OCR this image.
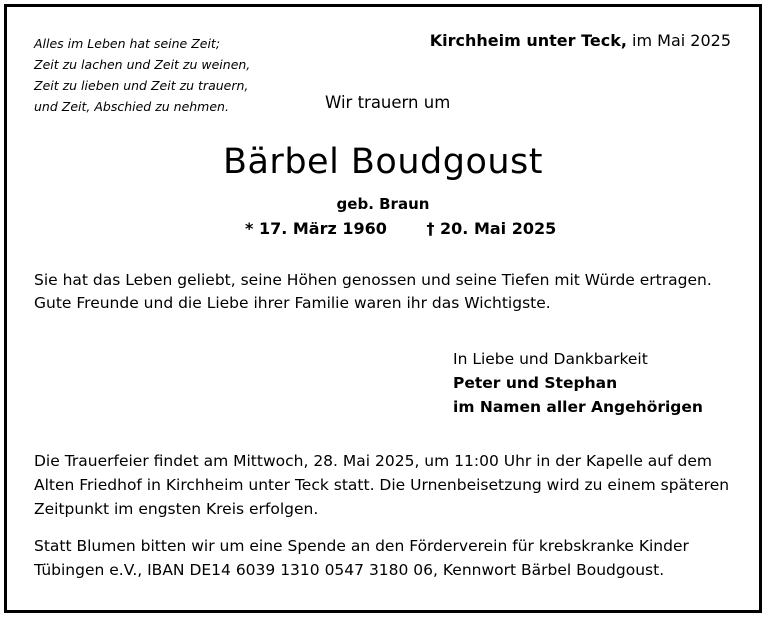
Alles im Leben hat seine Zeit;
Zeit zu lachen und Zeit zu weinen,
Zeit zu lieben und Zeit zu trauern,
und Zeit, Abschied zu nehmen.
Kirchheim unter Teck, im Mai 2025
Wir trauern um
Bärbel Boudgoust
geb. Braun
* 17. März 1960 † 20. Mai 2025
Sie hat das Leben geliebt, seine Höhen genossen und seine Tiefen mit Würde ertragen.
Gute Freunde und die Liebe ihrer Familie waren ihr das Wichtigste.
In Liebe und Dankbarkeit
Peter und Stephan
im Namen aller Angehörigen
Die Trauerfeier findet am Mittwoch, 28. Mai 2025, um 11:00 Uhr in der Kapelle auf dem
Alten Friedhof in Kirchheim unter Teck statt. Die Urnenbeisetzung wird zu einem späteren
Zeitpunkt im engsten Kreis erfolgen.
Statt Blumen bitten wir um eine Spende an den Förderverein für krebskranke Kinder
Tübingen e.V., IBAN DE14 6039 1310 0547 3180 06, Kennwort Bärbel Boudgoust.
